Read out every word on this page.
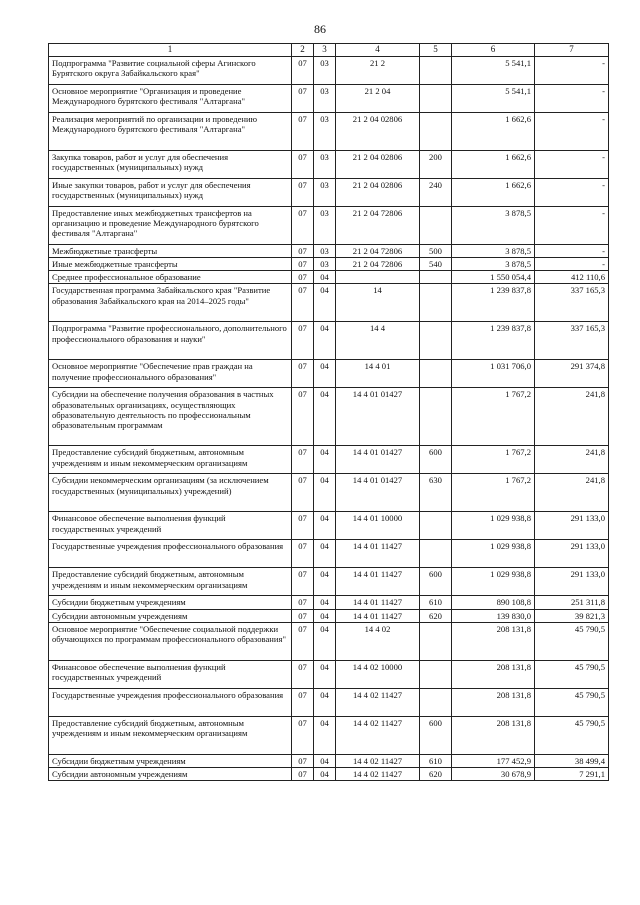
86
1	2	3	4	5	6	7
Подпрограмма "Развитие социальной сферы Агинского Бурятского округа Забайкальского края"	07	03	21 2		5 541,1	-
Основное мероприятие "Организация и проведение Международного бурятского фестиваля "Алтаргана"	07	03	21 2 04		5 541,1	-
Реализация мероприятий по организации и проведению Международного бурятского фестиваля "Алтаргана"	07	03	21 2 04 02806		1 662,6	-
Закупка товаров, работ и услуг для обеспечения государственных (муниципальных) нужд	07	03	21 2 04 02806	200	1 662,6	-
Иные закупки товаров, работ и услуг для обеспечения государственных (муниципальных) нужд	07	03	21 2 04 02806	240	1 662,6	-
Предоставление иных межбюджетных трансфертов на организацию и проведение Международного бурятского фестиваля "Алтаргана"	07	03	21 2 04 72806		3 878,5	-
Межбюджетные трансферты	07	03	21 2 04 72806	500	3 878,5	-
Иные межбюджетные трансферты	07	03	21 2 04 72806	540	3 878,5	-
Среднее профессиональное образование	07	04			1 550 054,4	412 110,6
Государственная программа Забайкальского края "Развитие образования Забайкальского края на 2014–2025 годы"	07	04	14		1 239 837,8	337 165,3
Подпрограмма "Развитие профессионального, дополнительного профессионального образования и науки"	07	04	14 4		1 239 837,8	337 165,3
Основное мероприятие "Обеспечение прав граждан на получение профессионального образования"	07	04	14 4 01		1 031 706,0	291 374,8
Субсидии на обеспечение получения образования в частных образовательных организациях, осуществляющих образовательную деятельность по профессиональным образовательным программам	07	04	14 4 01 01427		1 767,2	241,8
Предоставление субсидий бюджетным, автономным учреждениям и иным некоммерческим организациям	07	04	14 4 01 01427	600	1 767,2	241,8
Субсидии некоммерческим организациям (за исключением государственных (муниципальных) учреждений)	07	04	14 4 01 01427	630	1 767,2	241,8
Финансовое обеспечение выполнения функций государственных учреждений	07	04	14 4 01 10000		1 029 938,8	291 133,0
Государственные учреждения профессионального образования	07	04	14 4 01 11427		1 029 938,8	291 133,0
Предоставление субсидий бюджетным, автономным учреждениям и иным некоммерческим организациям	07	04	14 4 01 11427	600	1 029 938,8	291 133,0
Субсидии бюджетным учреждениям	07	04	14 4 01 11427	610	890 108,8	251 311,8
Субсидии автономным учреждениям	07	04	14 4 01 11427	620	139 830,0	39 821,3
Основное мероприятие "Обеспечение социальной поддержки обучающихся по программам профессионального образования"	07	04	14 4 02		208 131,8	45 790,5
Финансовое обеспечение выполнения функций государственных учреждений	07	04	14 4 02 10000		208 131,8	45 790,5
Государственные учреждения профессионального образования	07	04	14 4 02 11427		208 131,8	45 790,5
Предоставление субсидий бюджетным, автономным учреждениям и иным некоммерческим организациям	07	04	14 4 02 11427	600	208 131,8	45 790,5
Субсидии бюджетным учреждениям	07	04	14 4 02 11427	610	177 452,9	38 499,4
Субсидии автономным учреждениям	07	04	14 4 02 11427	620	30 678,9	7 291,1
